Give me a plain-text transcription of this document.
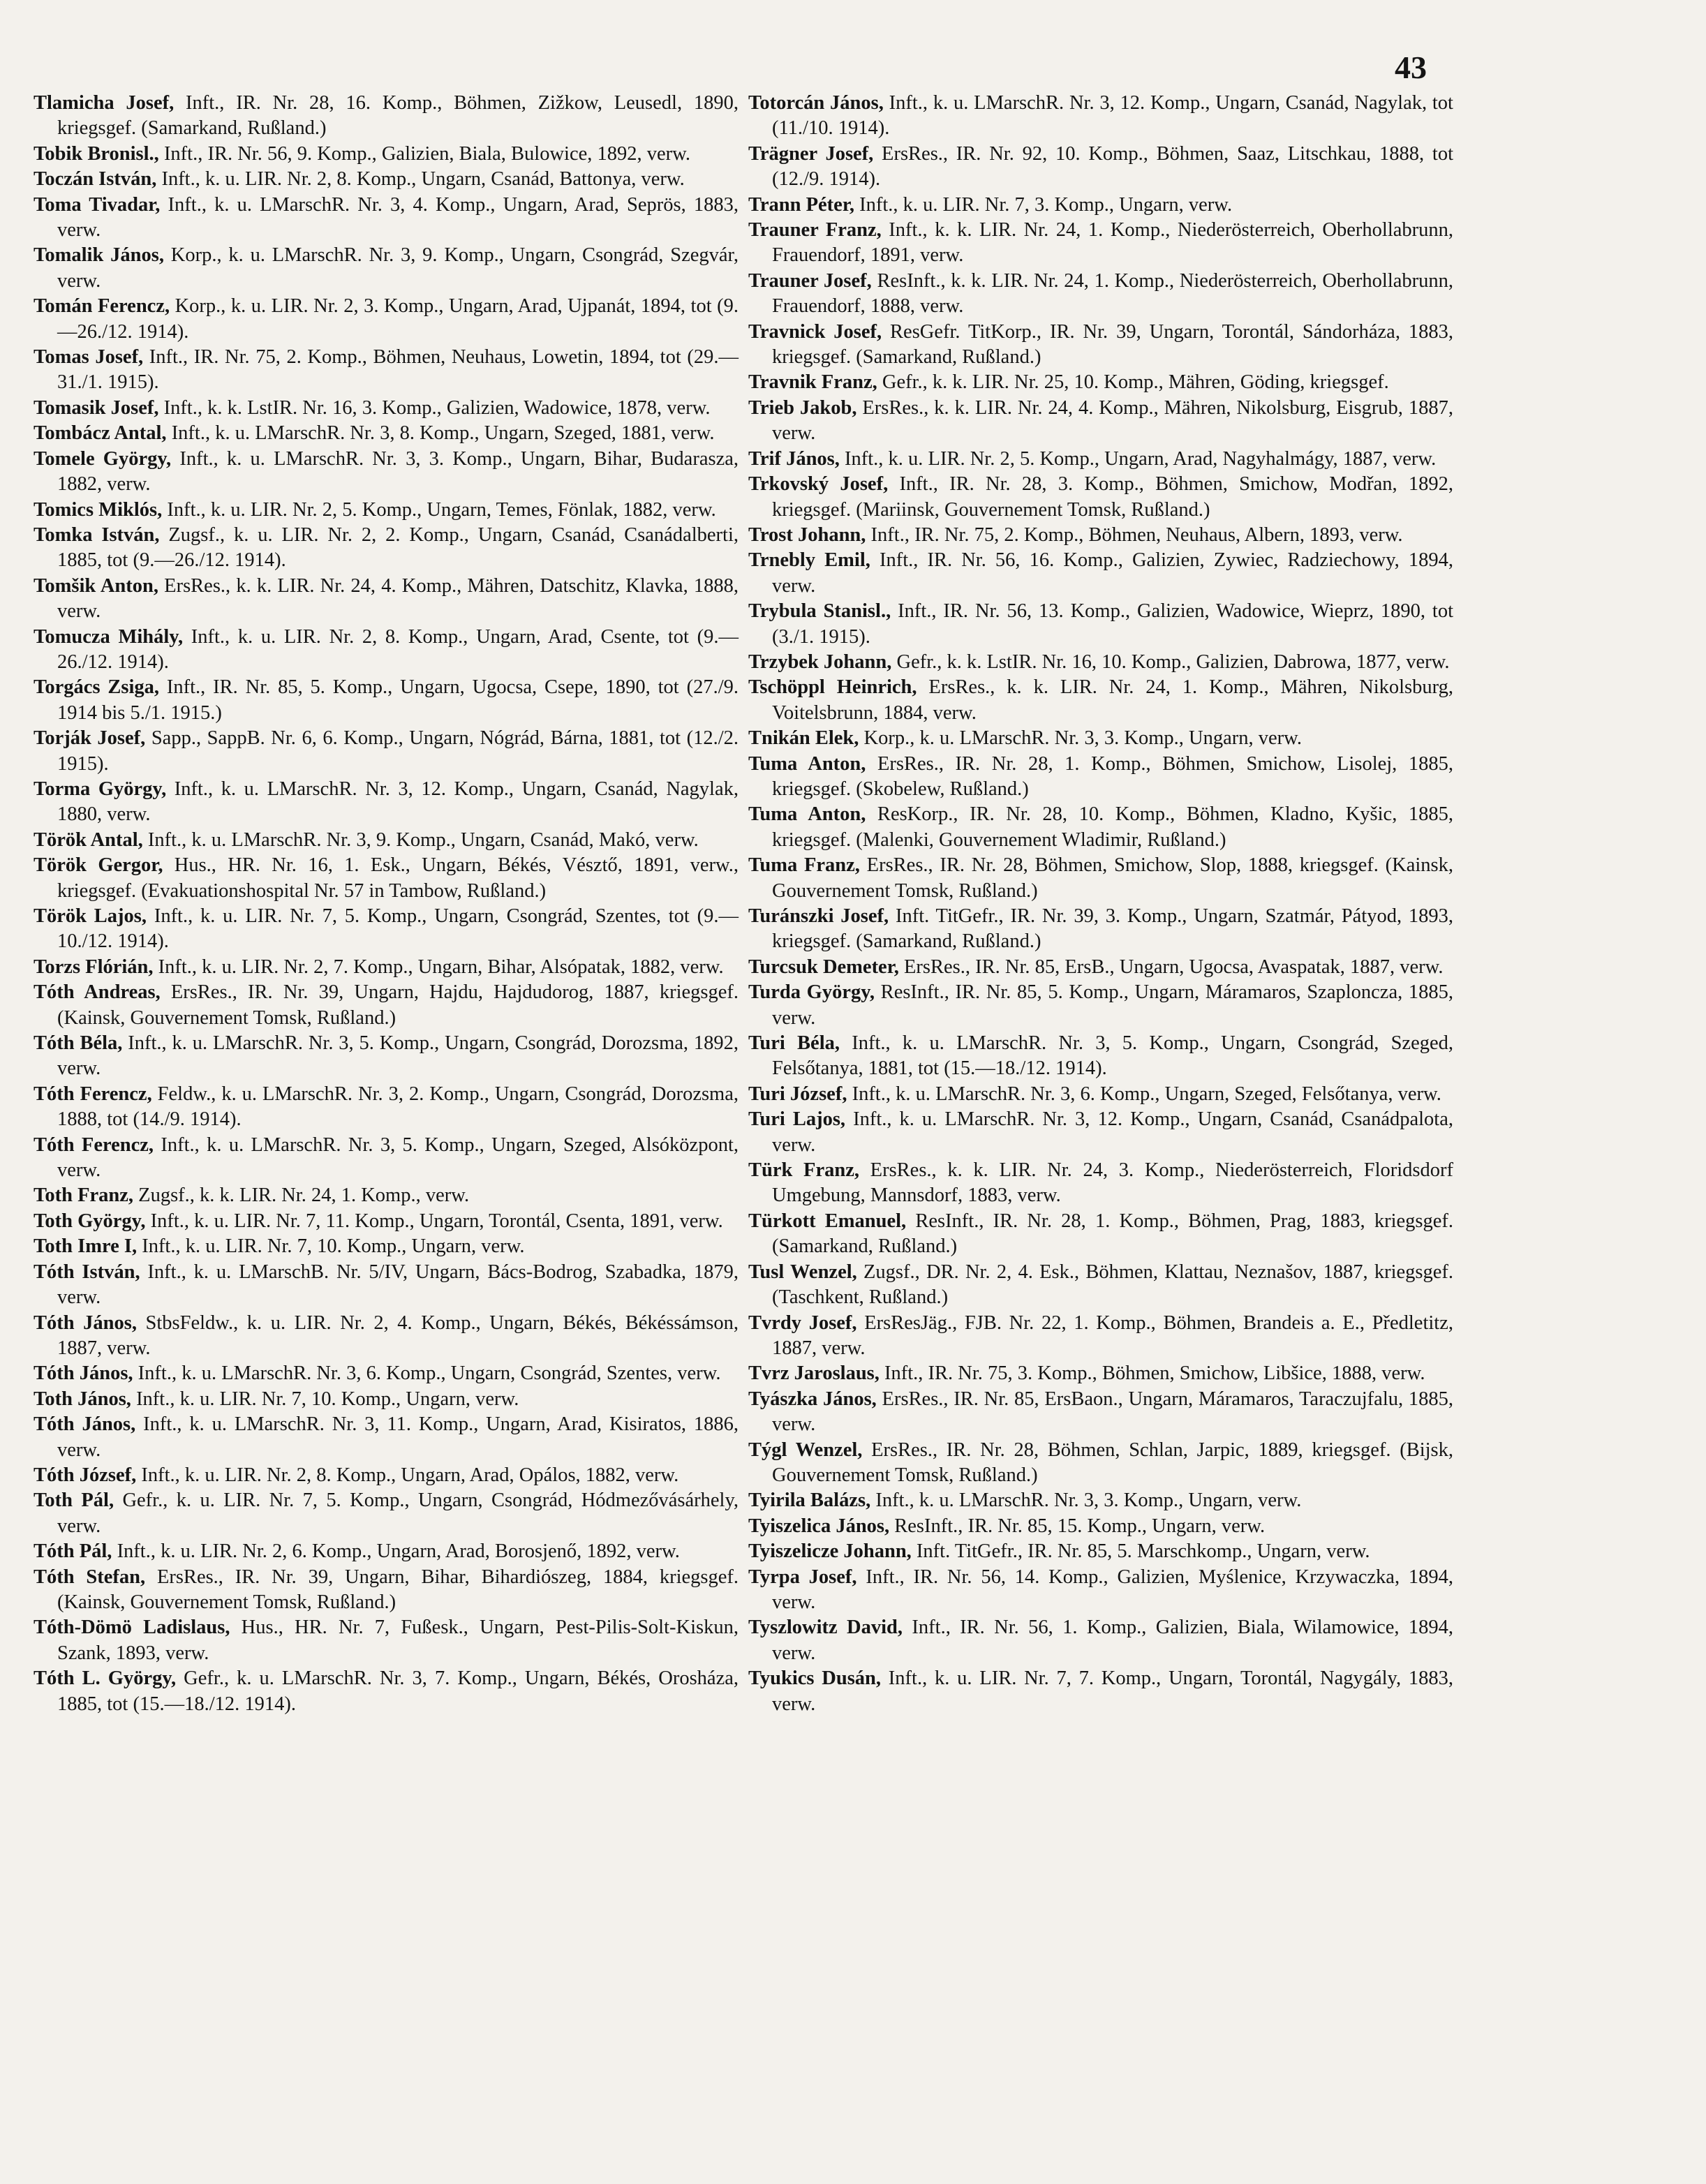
43

Tlamicha Josef, Inft., IR. Nr. 28, 16. Komp., Böhmen, Zižkow, Leusedl, 1890, kriegsgef. (Samarkand, Rußland.)

Tobik Bronisl., Inft., IR. Nr. 56, 9. Komp., Galizien, Biala, Bulowice, 1892, verw.

Toczán István, Inft., k. u. LIR. Nr. 2, 8. Komp., Ungarn, Csanád, Battonya, verw.

Toma Tivadar, Inft., k. u. LMarschR. Nr. 3, 4. Komp., Ungarn, Arad, Seprös, 1883, verw.

Tomalik János, Korp., k. u. LMarschR. Nr. 3, 9. Komp., Ungarn, Csongrád, Szegvár, verw.

Tomán Ferencz, Korp., k. u. LIR. Nr. 2, 3. Komp., Ungarn, Arad, Ujpanát, 1894, tot (9.—26./12. 1914).

Tomas Josef, Inft., IR. Nr. 75, 2. Komp., Böhmen, Neuhaus, Lowetin, 1894, tot (29.—31./1. 1915).

Tomasik Josef, Inft., k. k. LstIR. Nr. 16, 3. Komp., Galizien, Wadowice, 1878, verw.

Tombácz Antal, Inft., k. u. LMarschR. Nr. 3, 8. Komp., Ungarn, Szeged, 1881, verw.

Tomele György, Inft., k. u. LMarschR. Nr. 3, 3. Komp., Ungarn, Bihar, Budarasza, 1882, verw.

Tomics Miklós, Inft., k. u. LIR. Nr. 2, 5. Komp., Ungarn, Temes, Fönlak, 1882, verw.

Tomka István, Zugsf., k. u. LIR. Nr. 2, 2. Komp., Ungarn, Csanád, Csanádalberti, 1885, tot (9.—26./12. 1914).

Tomšik Anton, ErsRes., k. k. LIR. Nr. 24, 4. Komp., Mähren, Datschitz, Klavka, 1888, verw.

Tomucza Mihály, Inft., k. u. LIR. Nr. 2, 8. Komp., Ungarn, Arad, Csente, tot (9.—26./12. 1914).

Torgács Zsiga, Inft., IR. Nr. 85, 5. Komp., Ungarn, Ugocsa, Csepe, 1890, tot (27./9. 1914 bis 5./1. 1915.)

Torják Josef, Sapp., SappB. Nr. 6, 6. Komp., Ungarn, Nógrád, Bárna, 1881, tot (12./2. 1915).

Torma György, Inft., k. u. LMarschR. Nr. 3, 12. Komp., Ungarn, Csanád, Nagylak, 1880, verw.

Török Antal, Inft., k. u. LMarschR. Nr. 3, 9. Komp., Ungarn, Csanád, Makó, verw.

Török Gergor, Hus., HR. Nr. 16, 1. Esk., Ungarn, Békés, Vésztő, 1891, verw., kriegsgef. (Evakuationshospital Nr. 57 in Tambow, Rußland.)

Török Lajos, Inft., k. u. LIR. Nr. 7, 5. Komp., Ungarn, Csongrád, Szentes, tot (9.—10./12. 1914).

Torzs Flórián, Inft., k. u. LIR. Nr. 2, 7. Komp., Ungarn, Bihar, Alsópatak, 1882, verw.

Tóth Andreas, ErsRes., IR. Nr. 39, Ungarn, Hajdu, Hajdudorog, 1887, kriegsgef. (Kainsk, Gouvernement Tomsk, Rußland.)

Tóth Béla, Inft., k. u. LMarschR. Nr. 3, 5. Komp., Ungarn, Csongrád, Dorozsma, 1892, verw.

Tóth Ferencz, Feldw., k. u. LMarschR. Nr. 3, 2. Komp., Ungarn, Csongrád, Dorozsma, 1888, tot (14./9. 1914).

Tóth Ferencz, Inft., k. u. LMarschR. Nr. 3, 5. Komp., Ungarn, Szeged, Alsóközpont, verw.

Toth Franz, Zugsf., k. k. LIR. Nr. 24, 1. Komp., verw.

Toth György, Inft., k. u. LIR. Nr. 7, 11. Komp., Ungarn, Torontál, Csenta, 1891, verw.

Toth Imre I, Inft., k. u. LIR. Nr. 7, 10. Komp., Ungarn, verw.

Tóth István, Inft., k. u. LMarschB. Nr. 5/IV, Ungarn, Bács-Bodrog, Szabadka, 1879, verw.

Tóth János, StbsFeldw., k. u. LIR. Nr. 2, 4. Komp., Ungarn, Békés, Békéssámson, 1887, verw.

Tóth János, Inft., k. u. LMarschR. Nr. 3, 6. Komp., Ungarn, Csongrád, Szentes, verw.

Toth János, Inft., k. u. LIR. Nr. 7, 10. Komp., Ungarn, verw.

Tóth János, Inft., k. u. LMarschR. Nr. 3, 11. Komp., Ungarn, Arad, Kisiratos, 1886, verw.

Tóth József, Inft., k. u. LIR. Nr. 2, 8. Komp., Ungarn, Arad, Opálos, 1882, verw.

Toth Pál, Gefr., k. u. LIR. Nr. 7, 5. Komp., Ungarn, Csongrád, Hódmezővásárhely, verw.

Tóth Pál, Inft., k. u. LIR. Nr. 2, 6. Komp., Ungarn, Arad, Borosjenő, 1892, verw.

Tóth Stefan, ErsRes., IR. Nr. 39, Ungarn, Bihar, Bihardiószeg, 1884, kriegsgef. (Kainsk, Gouvernement Tomsk, Rußland.)

Tóth-Dömö Ladislaus, Hus., HR. Nr. 7, Fußesk., Ungarn, Pest-Pilis-Solt-Kiskun, Szank, 1893, verw.

Tóth L. György, Gefr., k. u. LMarschR. Nr. 3, 7. Komp., Ungarn, Békés, Orosháza, 1885, tot (15.—18./12. 1914).

Totorcán János, Inft., k. u. LMarschR. Nr. 3, 12. Komp., Ungarn, Csanád, Nagylak, tot (11./10. 1914).

Trägner Josef, ErsRes., IR. Nr. 92, 10. Komp., Böhmen, Saaz, Litschkau, 1888, tot (12./9. 1914).

Trann Péter, Inft., k. u. LIR. Nr. 7, 3. Komp., Ungarn, verw.

Trauner Franz, Inft., k. k. LIR. Nr. 24, 1. Komp., Niederösterreich, Oberhollabrunn, Frauendorf, 1891, verw.

Trauner Josef, ResInft., k. k. LIR. Nr. 24, 1. Komp., Niederösterreich, Oberhollabrunn, Frauendorf, 1888, verw.

Travnick Josef, ResGefr. TitKorp., IR. Nr. 39, Ungarn, Torontál, Sándorháza, 1883, kriegsgef. (Samarkand, Rußland.)

Travnik Franz, Gefr., k. k. LIR. Nr. 25, 10. Komp., Mähren, Göding, kriegsgef.

Trieb Jakob, ErsRes., k. k. LIR. Nr. 24, 4. Komp., Mähren, Nikolsburg, Eisgrub, 1887, verw.

Trif János, Inft., k. u. LIR. Nr. 2, 5. Komp., Ungarn, Arad, Nagyhalmágy, 1887, verw.

Trkovský Josef, Inft., IR. Nr. 28, 3. Komp., Böhmen, Smichow, Modřan, 1892, kriegsgef. (Mariinsk, Gouvernement Tomsk, Rußland.)

Trost Johann, Inft., IR. Nr. 75, 2. Komp., Böhmen, Neuhaus, Albern, 1893, verw.

Trnebly Emil, Inft., IR. Nr. 56, 16. Komp., Galizien, Zywiec, Radziechowy, 1894, verw.

Trybula Stanisl., Inft., IR. Nr. 56, 13. Komp., Galizien, Wadowice, Wieprz, 1890, tot (3./1. 1915).

Trzybek Johann, Gefr., k. k. LstIR. Nr. 16, 10. Komp., Galizien, Dabrowa, 1877, verw.

Tschöppl Heinrich, ErsRes., k. k. LIR. Nr. 24, 1. Komp., Mähren, Nikolsburg, Voitelsbrunn, 1884, verw.

Tnikán Elek, Korp., k. u. LMarschR. Nr. 3, 3. Komp., Ungarn, verw.

Tuma Anton, ErsRes., IR. Nr. 28, 1. Komp., Böhmen, Smichow, Lisolej, 1885, kriegsgef. (Skobelew, Rußland.)

Tuma Anton, ResKorp., IR. Nr. 28, 10. Komp., Böhmen, Kladno, Kyšic, 1885, kriegsgef. (Malenki, Gouvernement Wladimir, Rußland.)

Tuma Franz, ErsRes., IR. Nr. 28, Böhmen, Smichow, Slop, 1888, kriegsgef. (Kainsk, Gouvernement Tomsk, Rußland.)

Turánszki Josef, Inft. TitGefr., IR. Nr. 39, 3. Komp., Ungarn, Szatmár, Pátyod, 1893, kriegsgef. (Samarkand, Rußland.)

Turcsuk Demeter, ErsRes., IR. Nr. 85, ErsB., Ungarn, Ugocsa, Avaspatak, 1887, verw.

Turda György, ResInft., IR. Nr. 85, 5. Komp., Ungarn, Máramaros, Szaploncza, 1885, verw.

Turi Béla, Inft., k. u. LMarschR. Nr. 3, 5. Komp., Ungarn, Csongrád, Szeged, Felsőtanya, 1881, tot (15.—18./12. 1914).

Turi József, Inft., k. u. LMarschR. Nr. 3, 6. Komp., Ungarn, Szeged, Felsőtanya, verw.

Turi Lajos, Inft., k. u. LMarschR. Nr. 3, 12. Komp., Ungarn, Csanád, Csanádpalota, verw.

Türk Franz, ErsRes., k. k. LIR. Nr. 24, 3. Komp., Niederösterreich, Floridsdorf Umgebung, Mannsdorf, 1883, verw.

Türkott Emanuel, ResInft., IR. Nr. 28, 1. Komp., Böhmen, Prag, 1883, kriegsgef. (Samarkand, Rußland.)

Tusl Wenzel, Zugsf., DR. Nr. 2, 4. Esk., Böhmen, Klattau, Neznašov, 1887, kriegsgef. (Taschkent, Rußland.)

Tvrdy Josef, ErsResJäg., FJB. Nr. 22, 1. Komp., Böhmen, Brandeis a. E., Předletitz, 1887, verw.

Tvrz Jaroslaus, Inft., IR. Nr. 75, 3. Komp., Böhmen, Smichow, Libšice, 1888, verw.

Tyászka János, ErsRes., IR. Nr. 85, ErsBaon., Ungarn, Máramaros, Taraczujfalu, 1885, verw.

Týgl Wenzel, ErsRes., IR. Nr. 28, Böhmen, Schlan, Jarpic, 1889, kriegsgef. (Bijsk, Gouvernement Tomsk, Rußland.)

Tyirila Balázs, Inft., k. u. LMarschR. Nr. 3, 3. Komp., Ungarn, verw.

Tyiszelica János, ResInft., IR. Nr. 85, 15. Komp., Ungarn, verw.

Tyiszelicze Johann, Inft. TitGefr., IR. Nr. 85, 5. Marschkomp., Ungarn, verw.

Tyrpa Josef, Inft., IR. Nr. 56, 14. Komp., Galizien, Myślenice, Krzywaczka, 1894, verw.

Tyszlowitz David, Inft., IR. Nr. 56, 1. Komp., Galizien, Biala, Wilamowice, 1894, verw.

Tyukics Dusán, Inft., k. u. LIR. Nr. 7, 7. Komp., Ungarn, Torontál, Nagygály, 1883, verw.
